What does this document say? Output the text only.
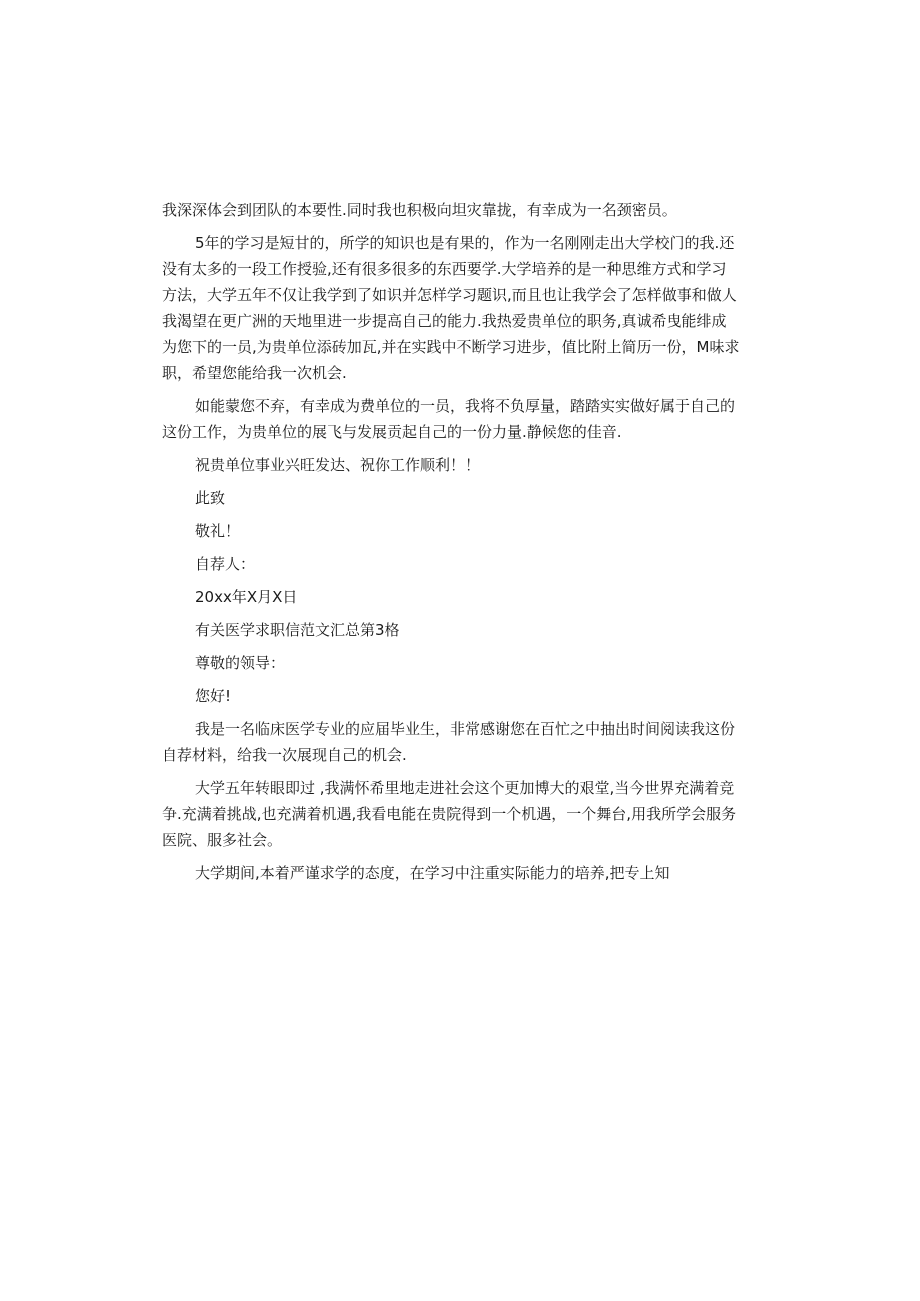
我深深体会到团队的本要性.同时我也积极向坦灾靠拢，有幸成为一名颈密员。
5年的学习是短甘的，所学的知识也是有果的，作为一名刚刚走出大学校门的我.还
没有太多的一段工作授验,还有很多很多的东西要学.大学培养的是一种思维方式和学习
方法，大学五年不仅让我学到了如识并怎样学习题识,而且也让我学会了怎样做事和做人
我渴望在更广洲的天地里进一步提高自己的能力.我热爱贵单位的职务,真诚希曳能绯成
为您下的一员,为贵单位添砖加瓦,并在实践中不断学习进步，值比附上简历一份，M味求
职，希望您能给我一次机会.
如能蒙您不弃，有幸成为费单位的一员，我将不负厚量，踏踏实实做好属于自己的
这份工作，为贵单位的展飞与发展贡起自己的一份力量.静候您的佳音.
祝贵单位事业兴旺发达、祝你工作顺利！！
此致
敬礼！
自荐人：
20xx年X月X日
有关医学求职信范文汇总第3格
尊敬的领导：
您好!
我是一名临床医学专业的应届毕业生，非常感谢您在百忙之中抽出时间阅读我这份
自荐材料，给我一次展现自己的机会.
大学五年转眼即过 ,我满怀希里地走进社会这个更加博大的艰堂,当今世界充满着竞
争.充满着挑战,也充满着机遇,我看电能在贵院得到一个机遇，一个舞台,用我所学会服务
医院、服多社会。
大学期间,本着严谨求学的态度，在学习中注重实际能力的培养,把专上知
